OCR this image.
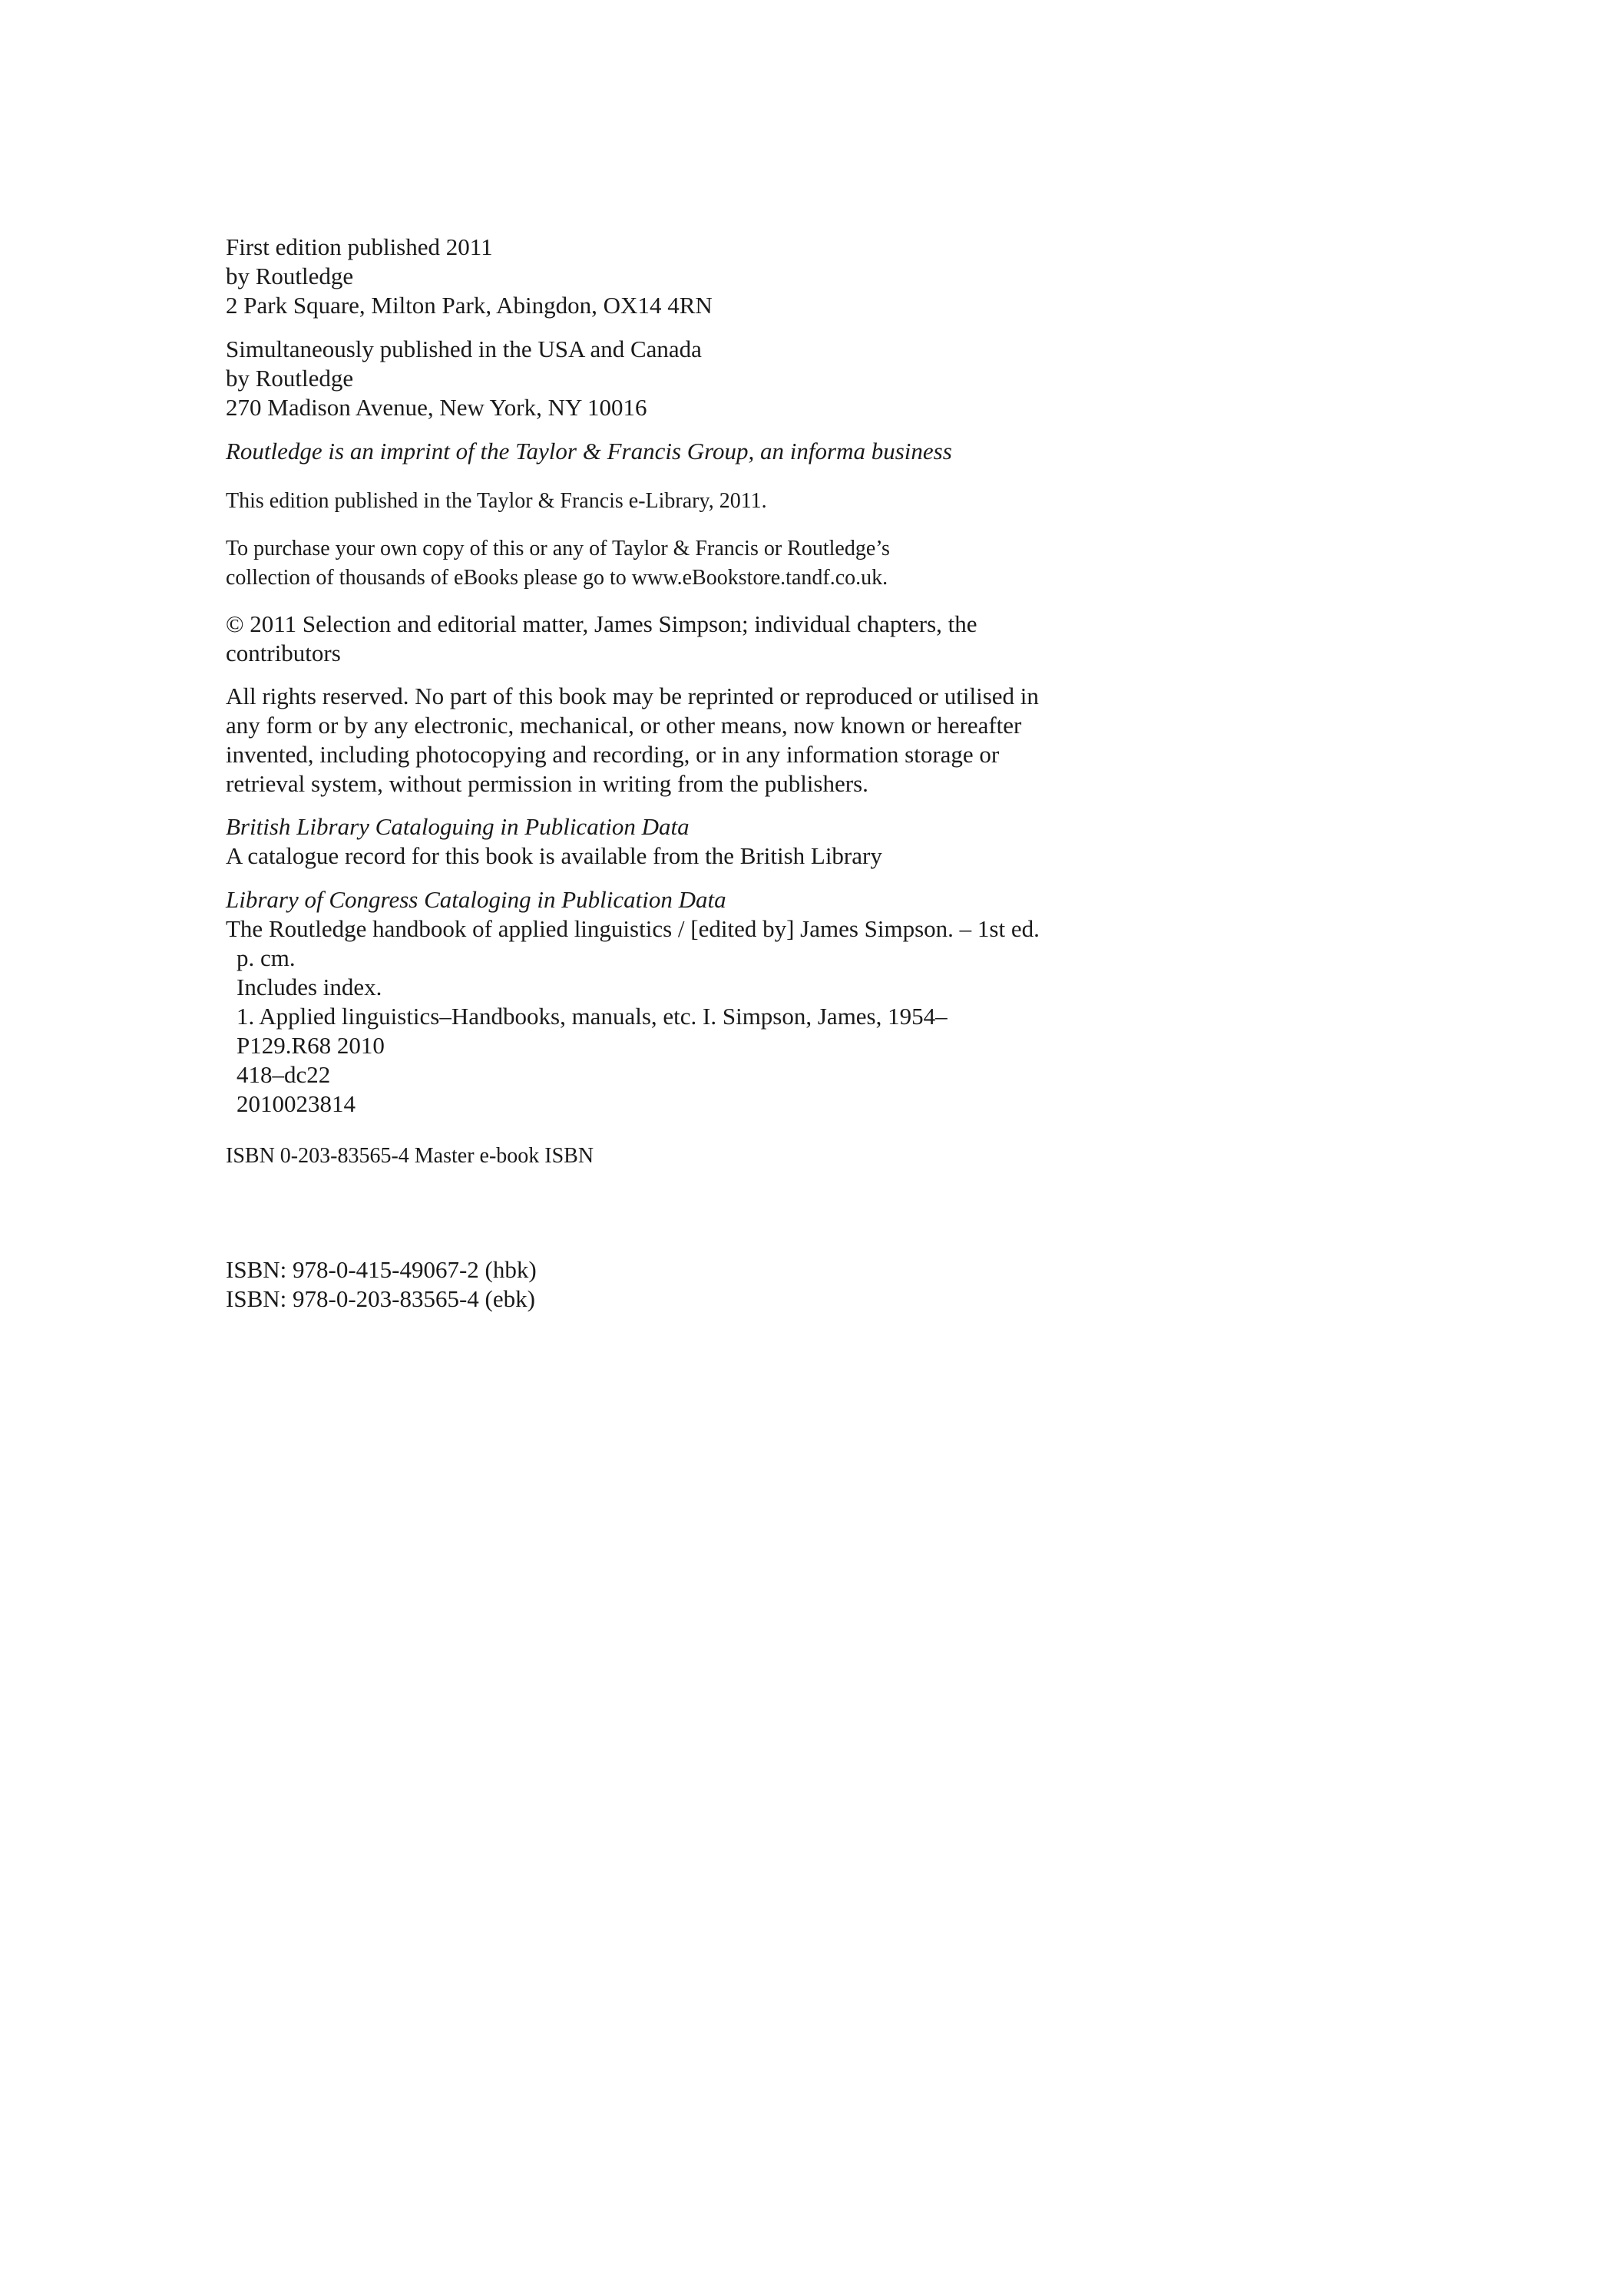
First edition published 2011
by Routledge
2 Park Square, Milton Park, Abingdon, OX14 4RN
Simultaneously published in the USA and Canada
by Routledge
270 Madison Avenue, New York, NY 10016
Routledge is an imprint of the Taylor & Francis Group, an informa business
This edition published in the Taylor & Francis e-Library, 2011.
To purchase your own copy of this or any of Taylor & Francis or Routledge’s
collection of thousands of eBooks please go to www.eBookstore.tandf.co.uk.
© 2011 Selection and editorial matter, James Simpson; individual chapters, the
contributors
All rights reserved. No part of this book may be reprinted or reproduced or utilised in
any form or by any electronic, mechanical, or other means, now known or hereafter
invented, including photocopying and recording, or in any information storage or
retrieval system, without permission in writing from the publishers.
British Library Cataloguing in Publication Data
A catalogue record for this book is available from the British Library
Library of Congress Cataloging in Publication Data
The Routledge handbook of applied linguistics / [edited by] James Simpson. – 1st ed.
p. cm.
Includes index.
1. Applied linguistics–Handbooks, manuals, etc. I. Simpson, James, 1954–
P129.R68 2010
418–dc22
2010023814
ISBN 0-203-83565-4 Master e-book ISBN
ISBN: 978-0-415-49067-2 (hbk)
ISBN: 978-0-203-83565-4 (ebk)
